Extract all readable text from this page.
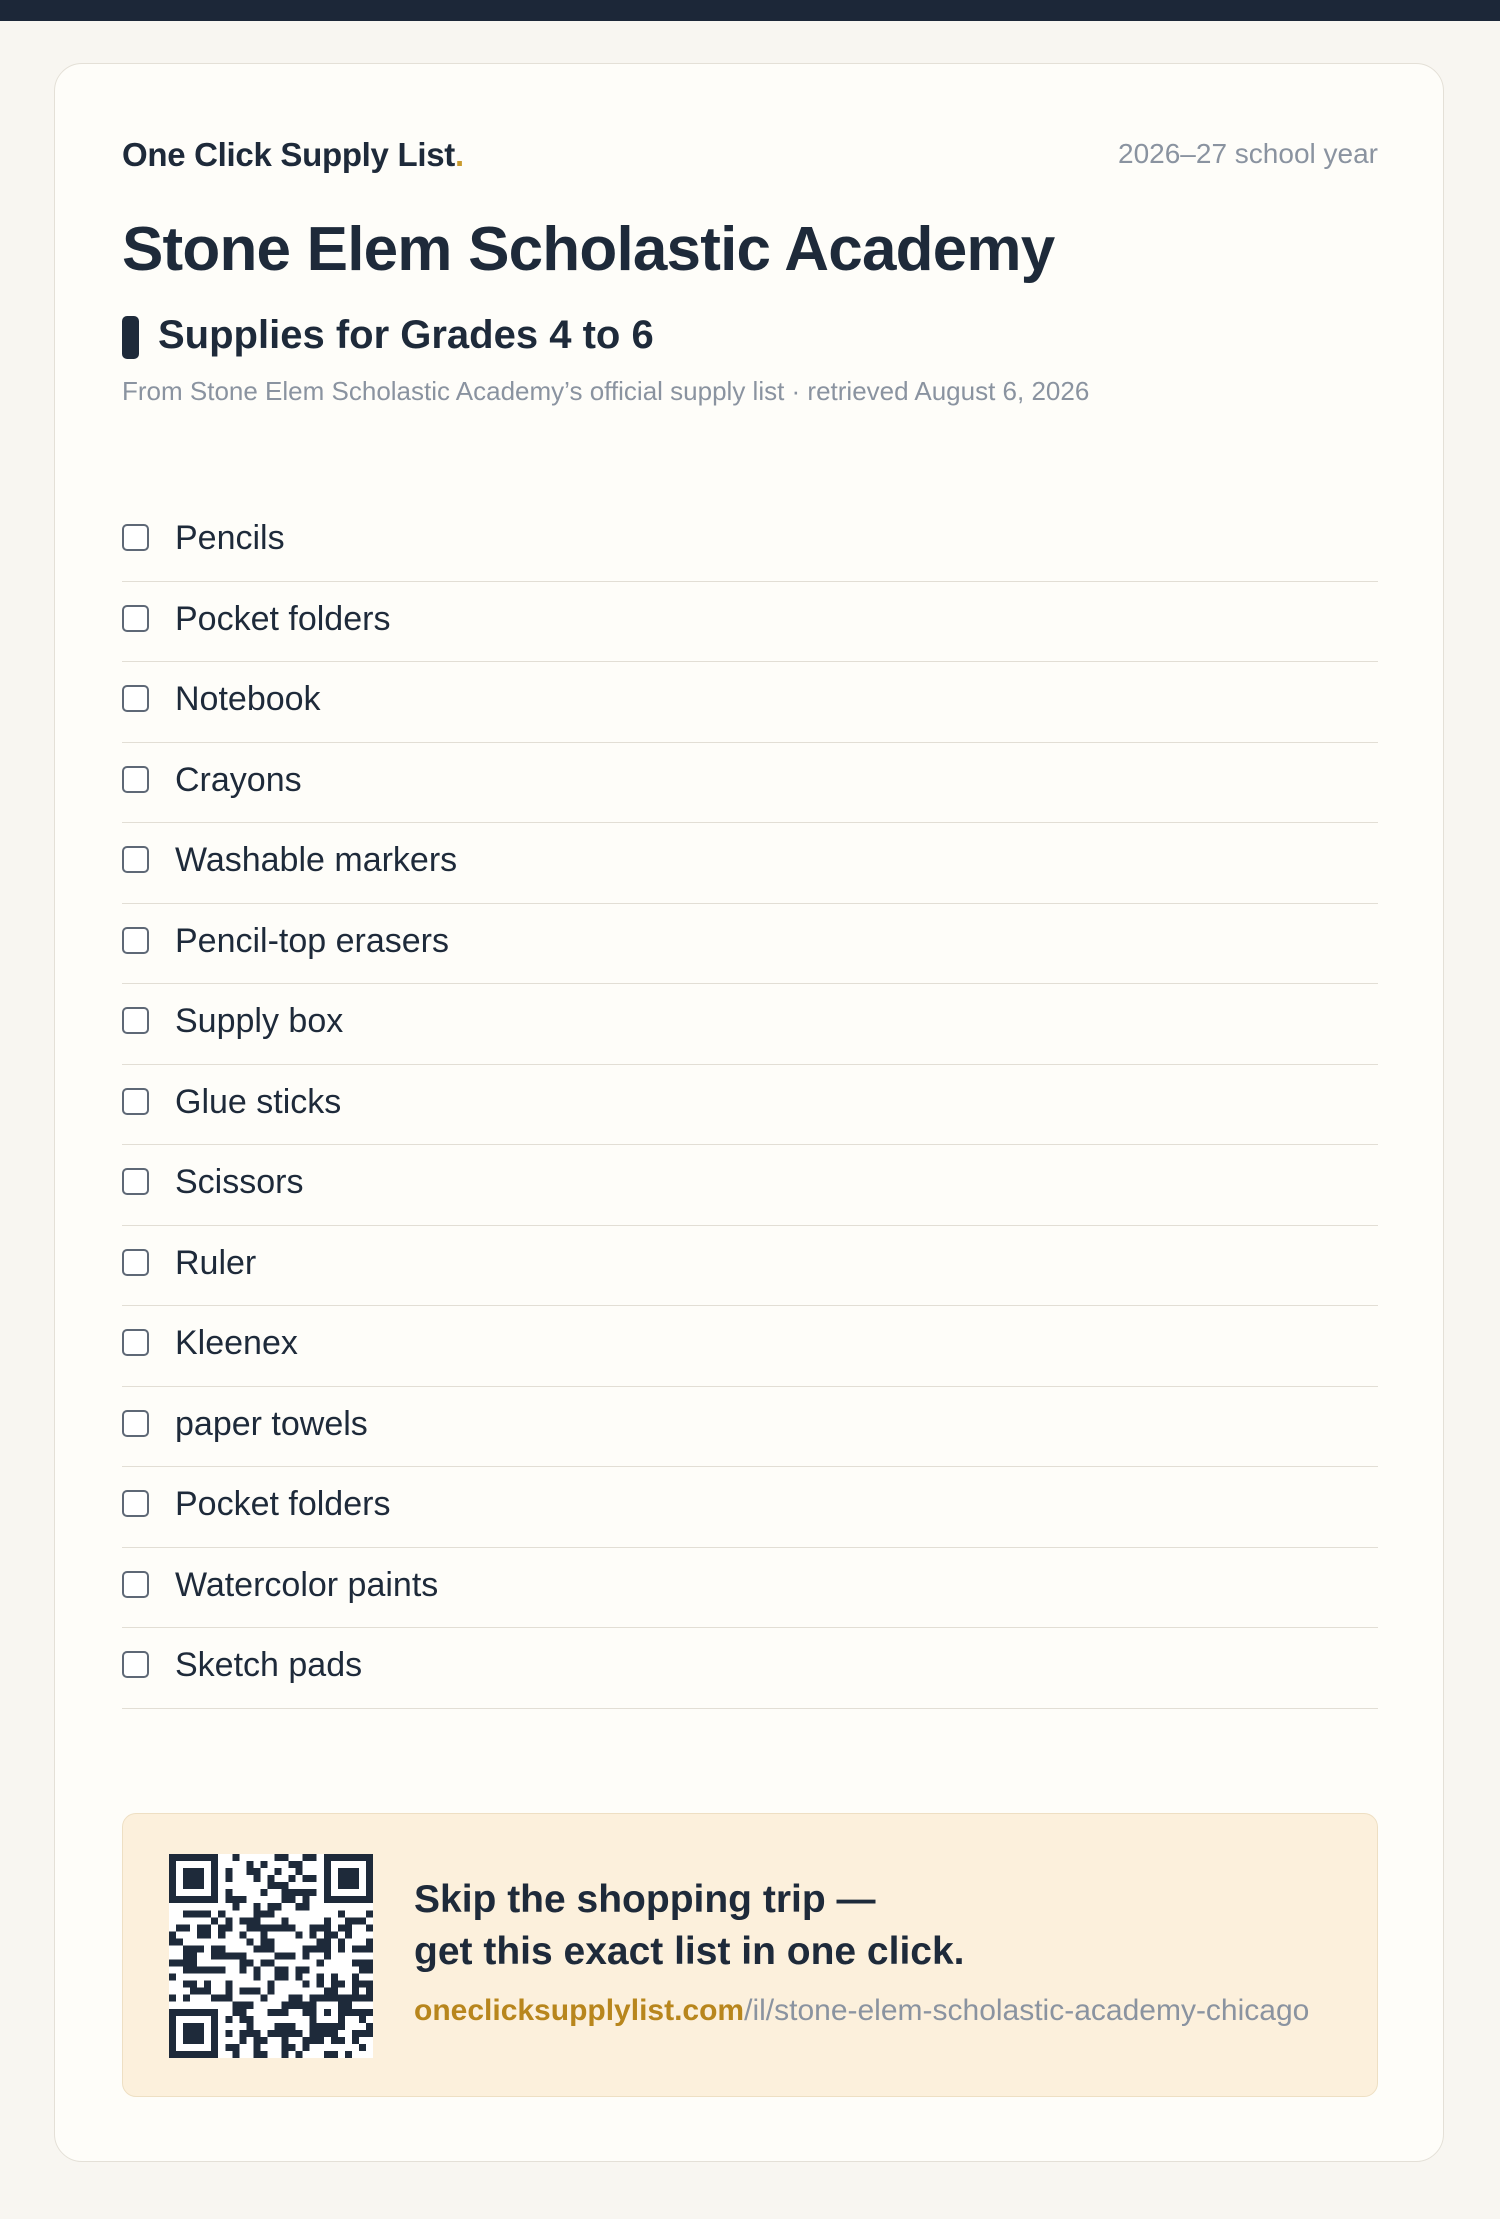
One Click Supply List.	2026–27 school year
Stone Elem Scholastic Academy
Supplies for Grades 4 to 6
From Stone Elem Scholastic Academy’s official supply list · retrieved August 6, 2026
Pencils
Pocket folders
Notebook
Crayons
Washable markers
Pencil-top erasers
Supply box
Glue sticks
Scissors
Ruler
Kleenex
paper towels
Pocket folders
Watercolor paints
Sketch pads
Skip the shopping trip —
get this exact list in one click.
oneclicksupplylist.com/il/stone-elem-scholastic-academy-chicago
